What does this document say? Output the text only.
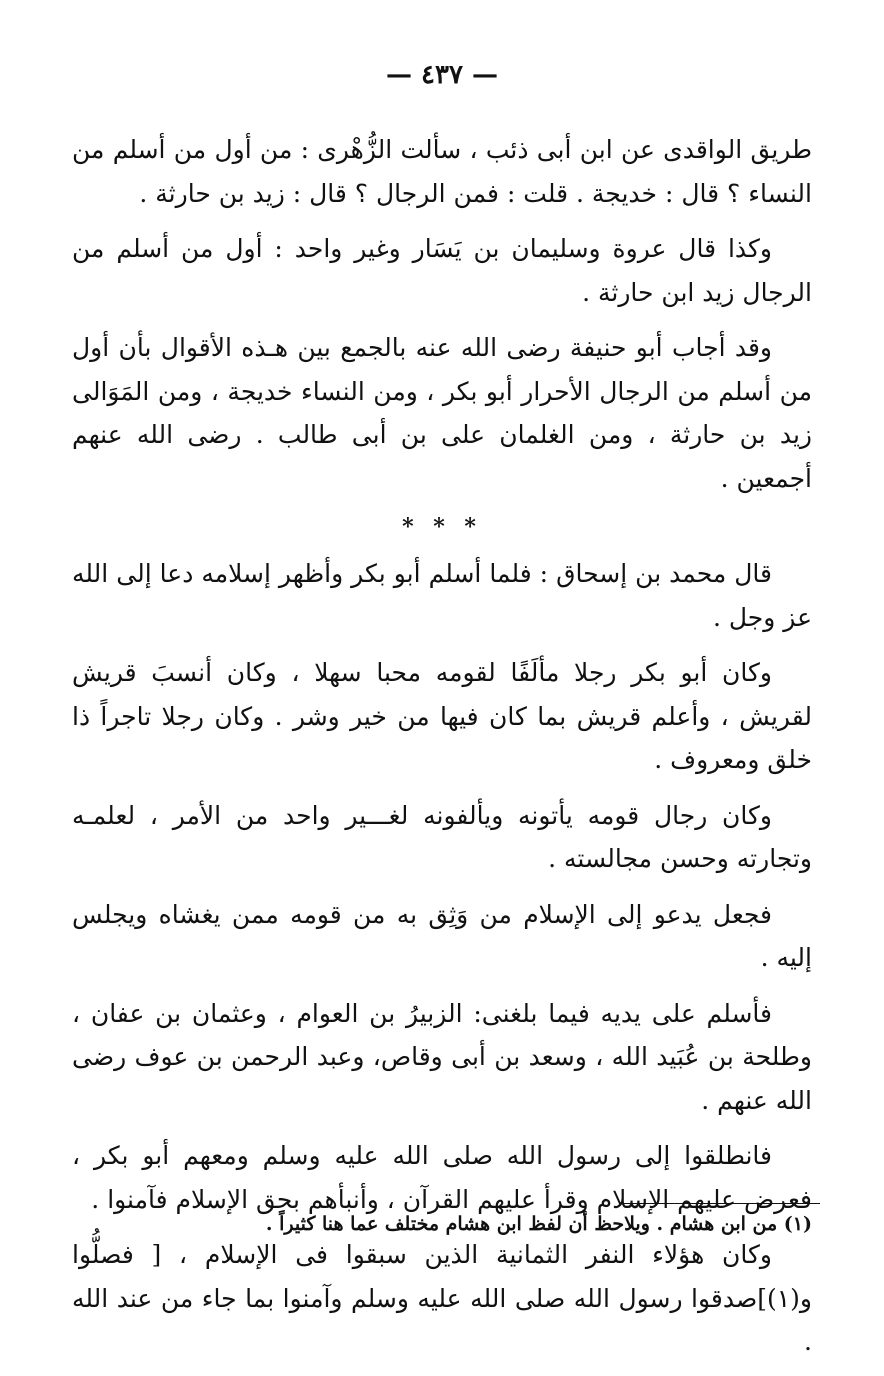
— ٤٣٧ —

طريق الواقدى عن ابن أبى ذئب ، سألت الزُّهْرى : من أول من أسلم من النساء ؟ قال : خديجة . قلت : فمن الرجال ؟ قال : زيد بن حارثة .

وكذا قال عروة وسليمان بن يَسَار وغير واحد : أول من أسلم من الرجال زيد ابن حارثة .

وقد أجاب أبو حنيفة رضى الله عنه بالجمع بين هـذه الأقوال بأن أول من أسلم من الرجال الأحرار أبو بكر ، ومن النساء خديجة ، ومن المَوَالى زيد بن حارثة ، ومن الغلمان على بن أبى طالب . رضى الله عنهم أجمعين .

* * *

قال محمد بن إسحاق : فلما أسلم أبو بكر وأظهر إسلامه دعا إلى الله عز وجل .

وكان أبو بكر رجلا مألَفًا لقومه محبا سهلا ، وكان أنسبَ قريش لقريش ، وأعلم قريش بما كان فيها من خير وشر . وكان رجلا تاجراً ذا خلق ومعروف .

وكان رجال قومه يأتونه ويألفونه لغـــير واحد من الأمر ، لعلمـه وتجارته وحسن مجالسته .

فجعل يدعو إلى الإسلام من وَثِق به من قومه ممن يغشاه ويجلس إليه .

فأسلم على يديه فيما بلغنى: الزبيرُ بن العوام ، وعثمان بن عفان ، وطلحة بن عُبَيد الله ، وسعد بن أبى وقاص، وعبد الرحمن بن عوف رضى الله عنهم .

فانطلقوا إلى رسول الله صلى الله عليه وسلم ومعهم أبو بكر ، فعرض عليهم الإسلام وقرأ عليهم القرآن ، وأنبأهم بحق الإسلام فآمنوا .

وكان هؤلاء النفر الثمانية الذين سبقوا فى الإسلام ، [ فصلُّوا و(١)]صدقوا رسول الله صلى الله عليه وسلم وآمنوا بما جاء من عند الله .

(١) من ابن هشام . ويلاحظ أن لفظ ابن هشام مختلف عما هنا كثيراً .
